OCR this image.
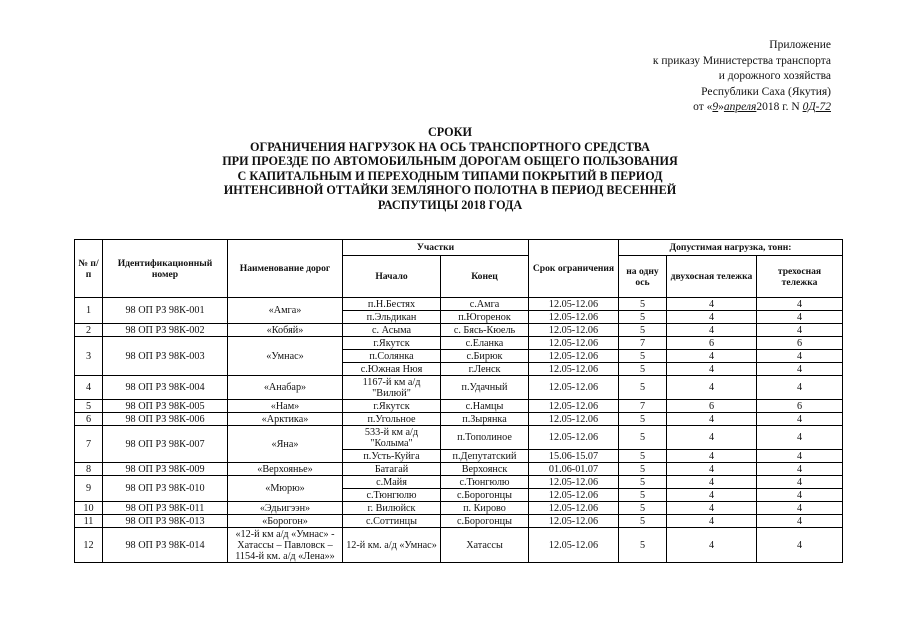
Приложение
к приказу Министерства транспорта
и дорожного хозяйства
Республики Саха (Якутия)
от «9»апреля2018 г. N 0Д-72
СРОКИ
ОГРАНИЧЕНИЯ НАГРУЗОК НА ОСЬ ТРАНСПОРТНОГО СРЕДСТВА
ПРИ ПРОЕЗДЕ ПО АВТОМОБИЛЬНЫМ ДОРОГАМ ОБЩЕГО ПОЛЬЗОВАНИЯ
С КАПИТАЛЬНЫМ И ПЕРЕХОДНЫМ ТИПАМИ ПОКРЫТИЙ В ПЕРИОД
ИНТЕНСИВНОЙ ОТТАЙКИ ЗЕМЛЯНОГО ПОЛОТНА В ПЕРИОД ВЕСЕННЕЙ
РАСПУТИЦЫ 2018 ГОДА
№ п/п	Идентификационный номер	Наименование дорог	Участки		Срок ограничения	Допустимая нагрузка, тонн:		
			Начало	Конец		на одну ось	двухосная тележка	трехосная тележка
1	98 ОП РЗ 98К-001	«Амга»	п.Н.Бестях	с.Амга	12.05-12.06	5	4	4
			п.Эльдикан	п.Югоренок	12.05-12.06	5	4	4
2	98 ОП РЗ 98К-002	«Кобяй»	с. Асыма	с. Бясь-Кюель	12.05-12.06	5	4	4
3	98 ОП РЗ 98К-003	«Умнас»	г.Якутск	с.Еланка	12.05-12.06	7	6	6
			п.Солянка	с.Бирюк	12.05-12.06	5	4	4
			с.Южная Нюя	г.Ленск	12.05-12.06	5	4	4
4	98 ОП РЗ 98К-004	«Анабар»	1167-й км а/д "Вилюй"	п.Удачный	12.05-12.06	5	4	4
5	98 ОП РЗ 98К-005	«Нам»	г.Якутск	с.Намцы	12.05-12.06	7	6	6
6	98 ОП РЗ 98К-006	«Арктика»	п.Угольное	п.Зырянка	12.05-12.06	5	4	4
7	98 ОП РЗ 98К-007	«Яна»	533-й км а/д "Колыма"	п.Тополиное	12.05-12.06	5	4	4
			п.Усть-Куйга	п.Депутатский	15.06-15.07	5	4	4
8	98 ОП РЗ 98К-009	«Верхоянье»	Батагай	Верхоянск	01.06-01.07	5	4	4
9	98 ОП РЗ 98К-010	«Мюрю»	с.Майя	с.Тюнгюлю	12.05-12.06	5	4	4
			с.Тюнгюлю	с.Борогонцы	12.05-12.06	5	4	4
10	98 ОП РЗ 98К-011	«Эдьигээн»	г. Вилюйск	п. Кирово	12.05-12.06	5	4	4
11	98 ОП РЗ 98К-013	«Борогон»	с.Соттинцы	с.Борогонцы	12.05-12.06	5	4	4
12	98 ОП РЗ 98К-014	«12-й км а/д «Умнас» - Хатассы – Павловск – 1154-й км. а/д «Лена»»	12-й км. а/д «Умнас»	Хатассы	12.05-12.06	5	4	4
